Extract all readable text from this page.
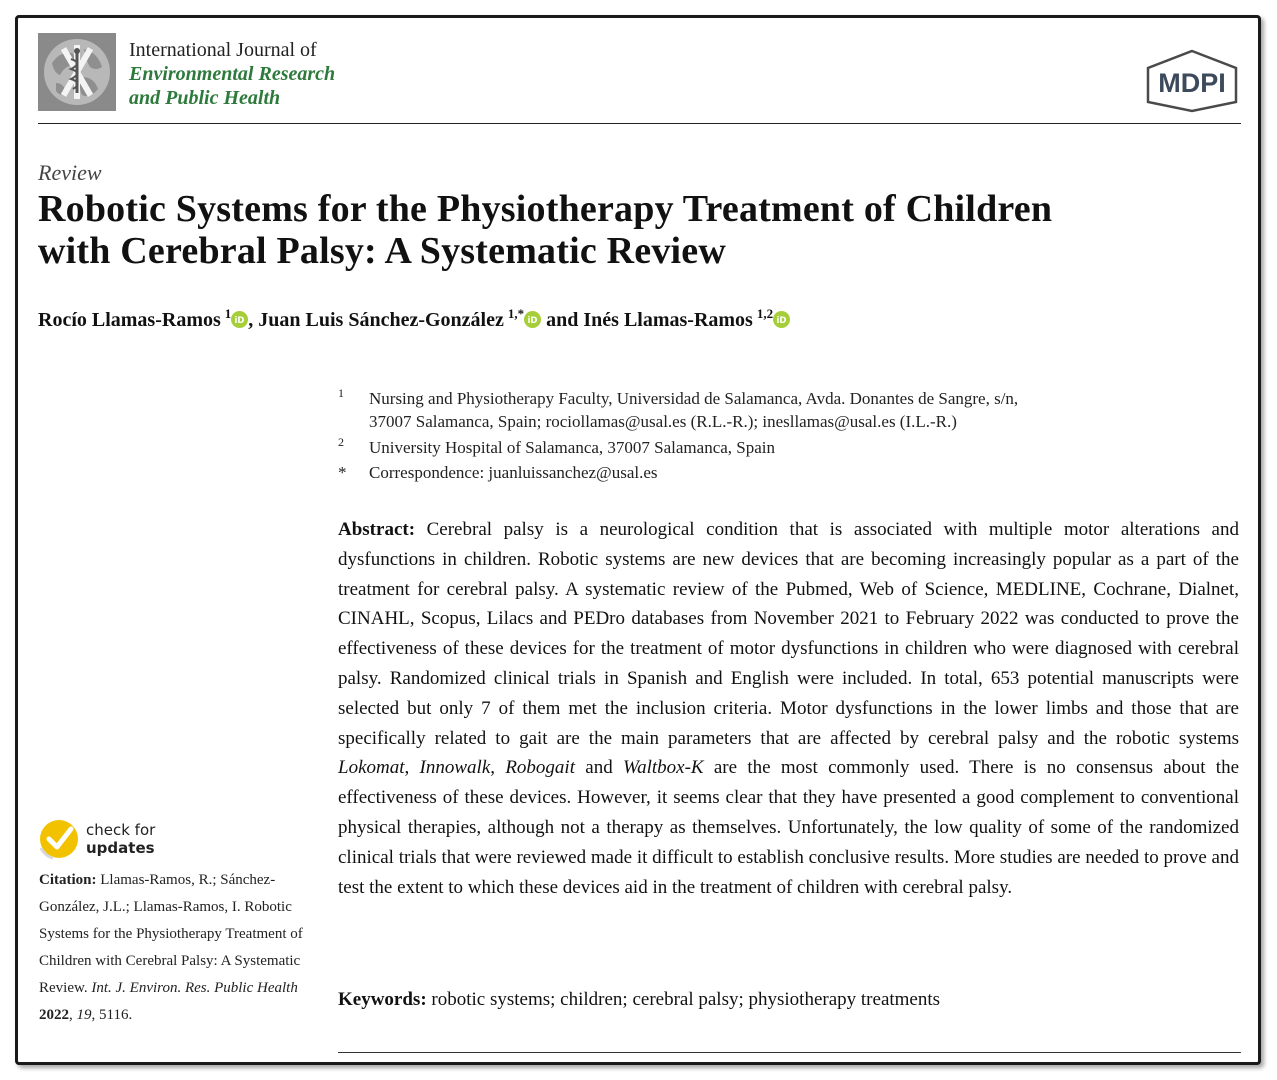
International Journal of
Environmental Research
and Public Health	MDPI
Review
Robotic Systems for the Physiotherapy Treatment of Children
with Cerebral Palsy: A Systematic Review
Rocío Llamas-Ramos  $^1$ iD , Juan Luis Sánchez-González  $^{1,*}$ iD and Inés Llamas-Ramos  $^{1,2}$ iD
1 Nursing and Physiotherapy Faculty, Universidad de Salamanca, Avda. Donantes de Sangre, s/n,
37007 Salamanca, Spain; rociollamas@usal.es (R.L.-R.); inesllamas@usal.es (I.L.-R.)
2 University Hospital of Salamanca, 37007 Salamanca, Spain
* Correspondence: juanluissanchez@usal.es
Abstract: Cerebral palsy is a neurological condition that is associated with multiple motor alterations and dysfunctions in children. Robotic systems are new devices that are becoming increasingly popular as a part of the treatment for cerebral palsy. A systematic review of the Pubmed, Web of Science, MEDLINE, Cochrane, Dialnet, CINAHL, Scopus, Lilacs and PEDro databases from November 2021 to February 2022 was conducted to prove the effectiveness of these devices for the treatment of motor dysfunctions in children who were diagnosed with cerebral palsy. Randomized clinical trials in Spanish and English were included. In total, 653 potential manuscripts were selected but only 7 of them met the inclusion criteria. Motor dysfunctions in the lower limbs and those that are specifically related to gait are the main parameters that are affected by cerebral palsy and the robotic systems Lokomat, Innowalk, Robogait and Waltbox-K are the most commonly used. There is no consensus about the effectiveness of these devices. However, it seems clear that they have presented a good complement to conventional physical therapies, although not a therapy as themselves. Unfortunately, the low quality of some of the randomized clinical trials that were reviewed made it difficult to establish conclusive results. More studies are needed to prove and test the extent to which these devices aid in the treatment of children with cerebral palsy.
Keywords: robotic systems; children; cerebral palsy; physiotherapy treatments
check for
updates
Citation: Llamas-Ramos, R.; Sánchez-González, J.L.; Llamas-Ramos, I. Robotic Systems for the Physiotherapy Treatment of Children with Cerebral Palsy: A Systematic Review. Int. J. Environ. Res. Public Health 2022, 19, 5116.
